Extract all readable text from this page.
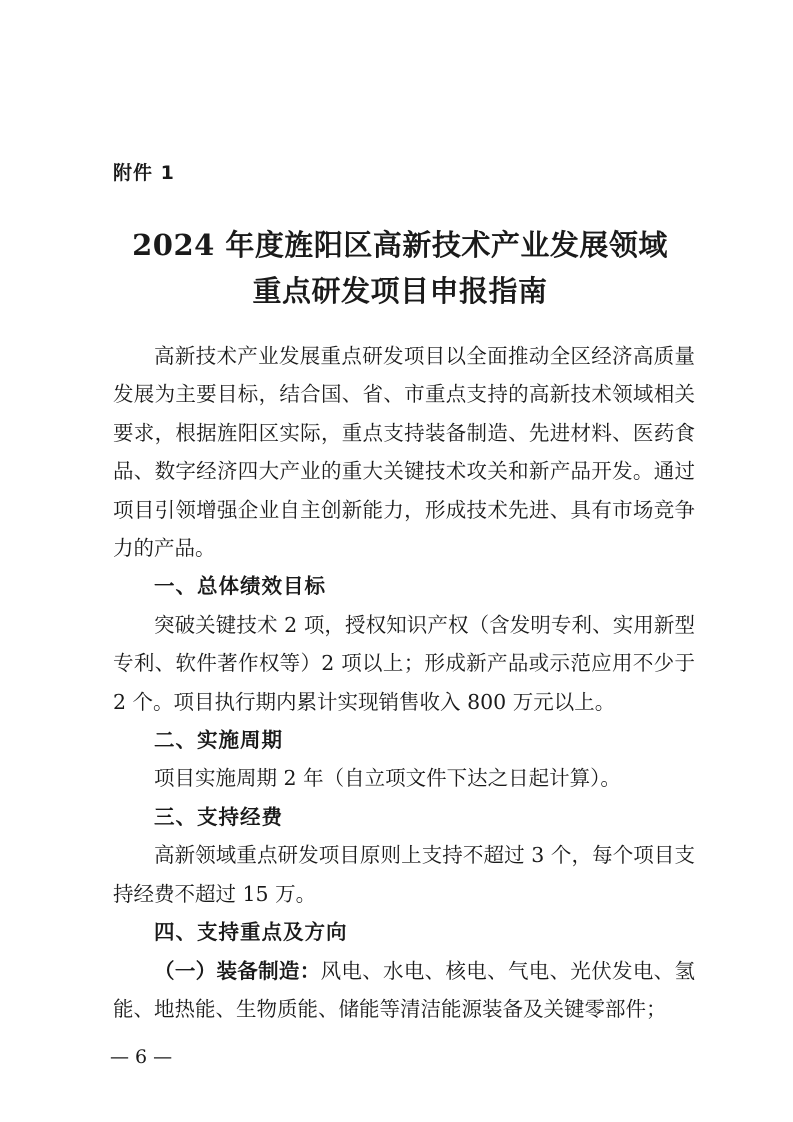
附件 1
2024 年度旌阳区高新技术产业发展领域
重点研发项目申报指南

高新技术产业发展重点研发项目以全面推动全区经济高质量发展为主要目标，结合国、省、市重点支持的高新技术领域相关要求，根据旌阳区实际，重点支持装备制造、先进材料、医药食品、数字经济四大产业的重大关键技术攻关和新产品开发。通过项目引领增强企业自主创新能力，形成技术先进、具有市场竞争力的产品。

一、总体绩效目标

突破关键技术 2 项，授权知识产权（含发明专利、实用新型专利、软件著作权等）2 项以上；形成新产品或示范应用不少于 2 个。项目执行期内累计实现销售收入 800 万元以上。

二、实施周期

项目实施周期 2 年（自立项文件下达之日起计算）。

三、支持经费

高新领域重点研发项目原则上支持不超过 3 个，每个项目支持经费不超过 15 万。

四、支持重点及方向

（一）装备制造：风电、水电、核电、气电、光伏发电、氢能、地热能、生物质能、储能等清洁能源装备及关键零部件；

— 6 —
